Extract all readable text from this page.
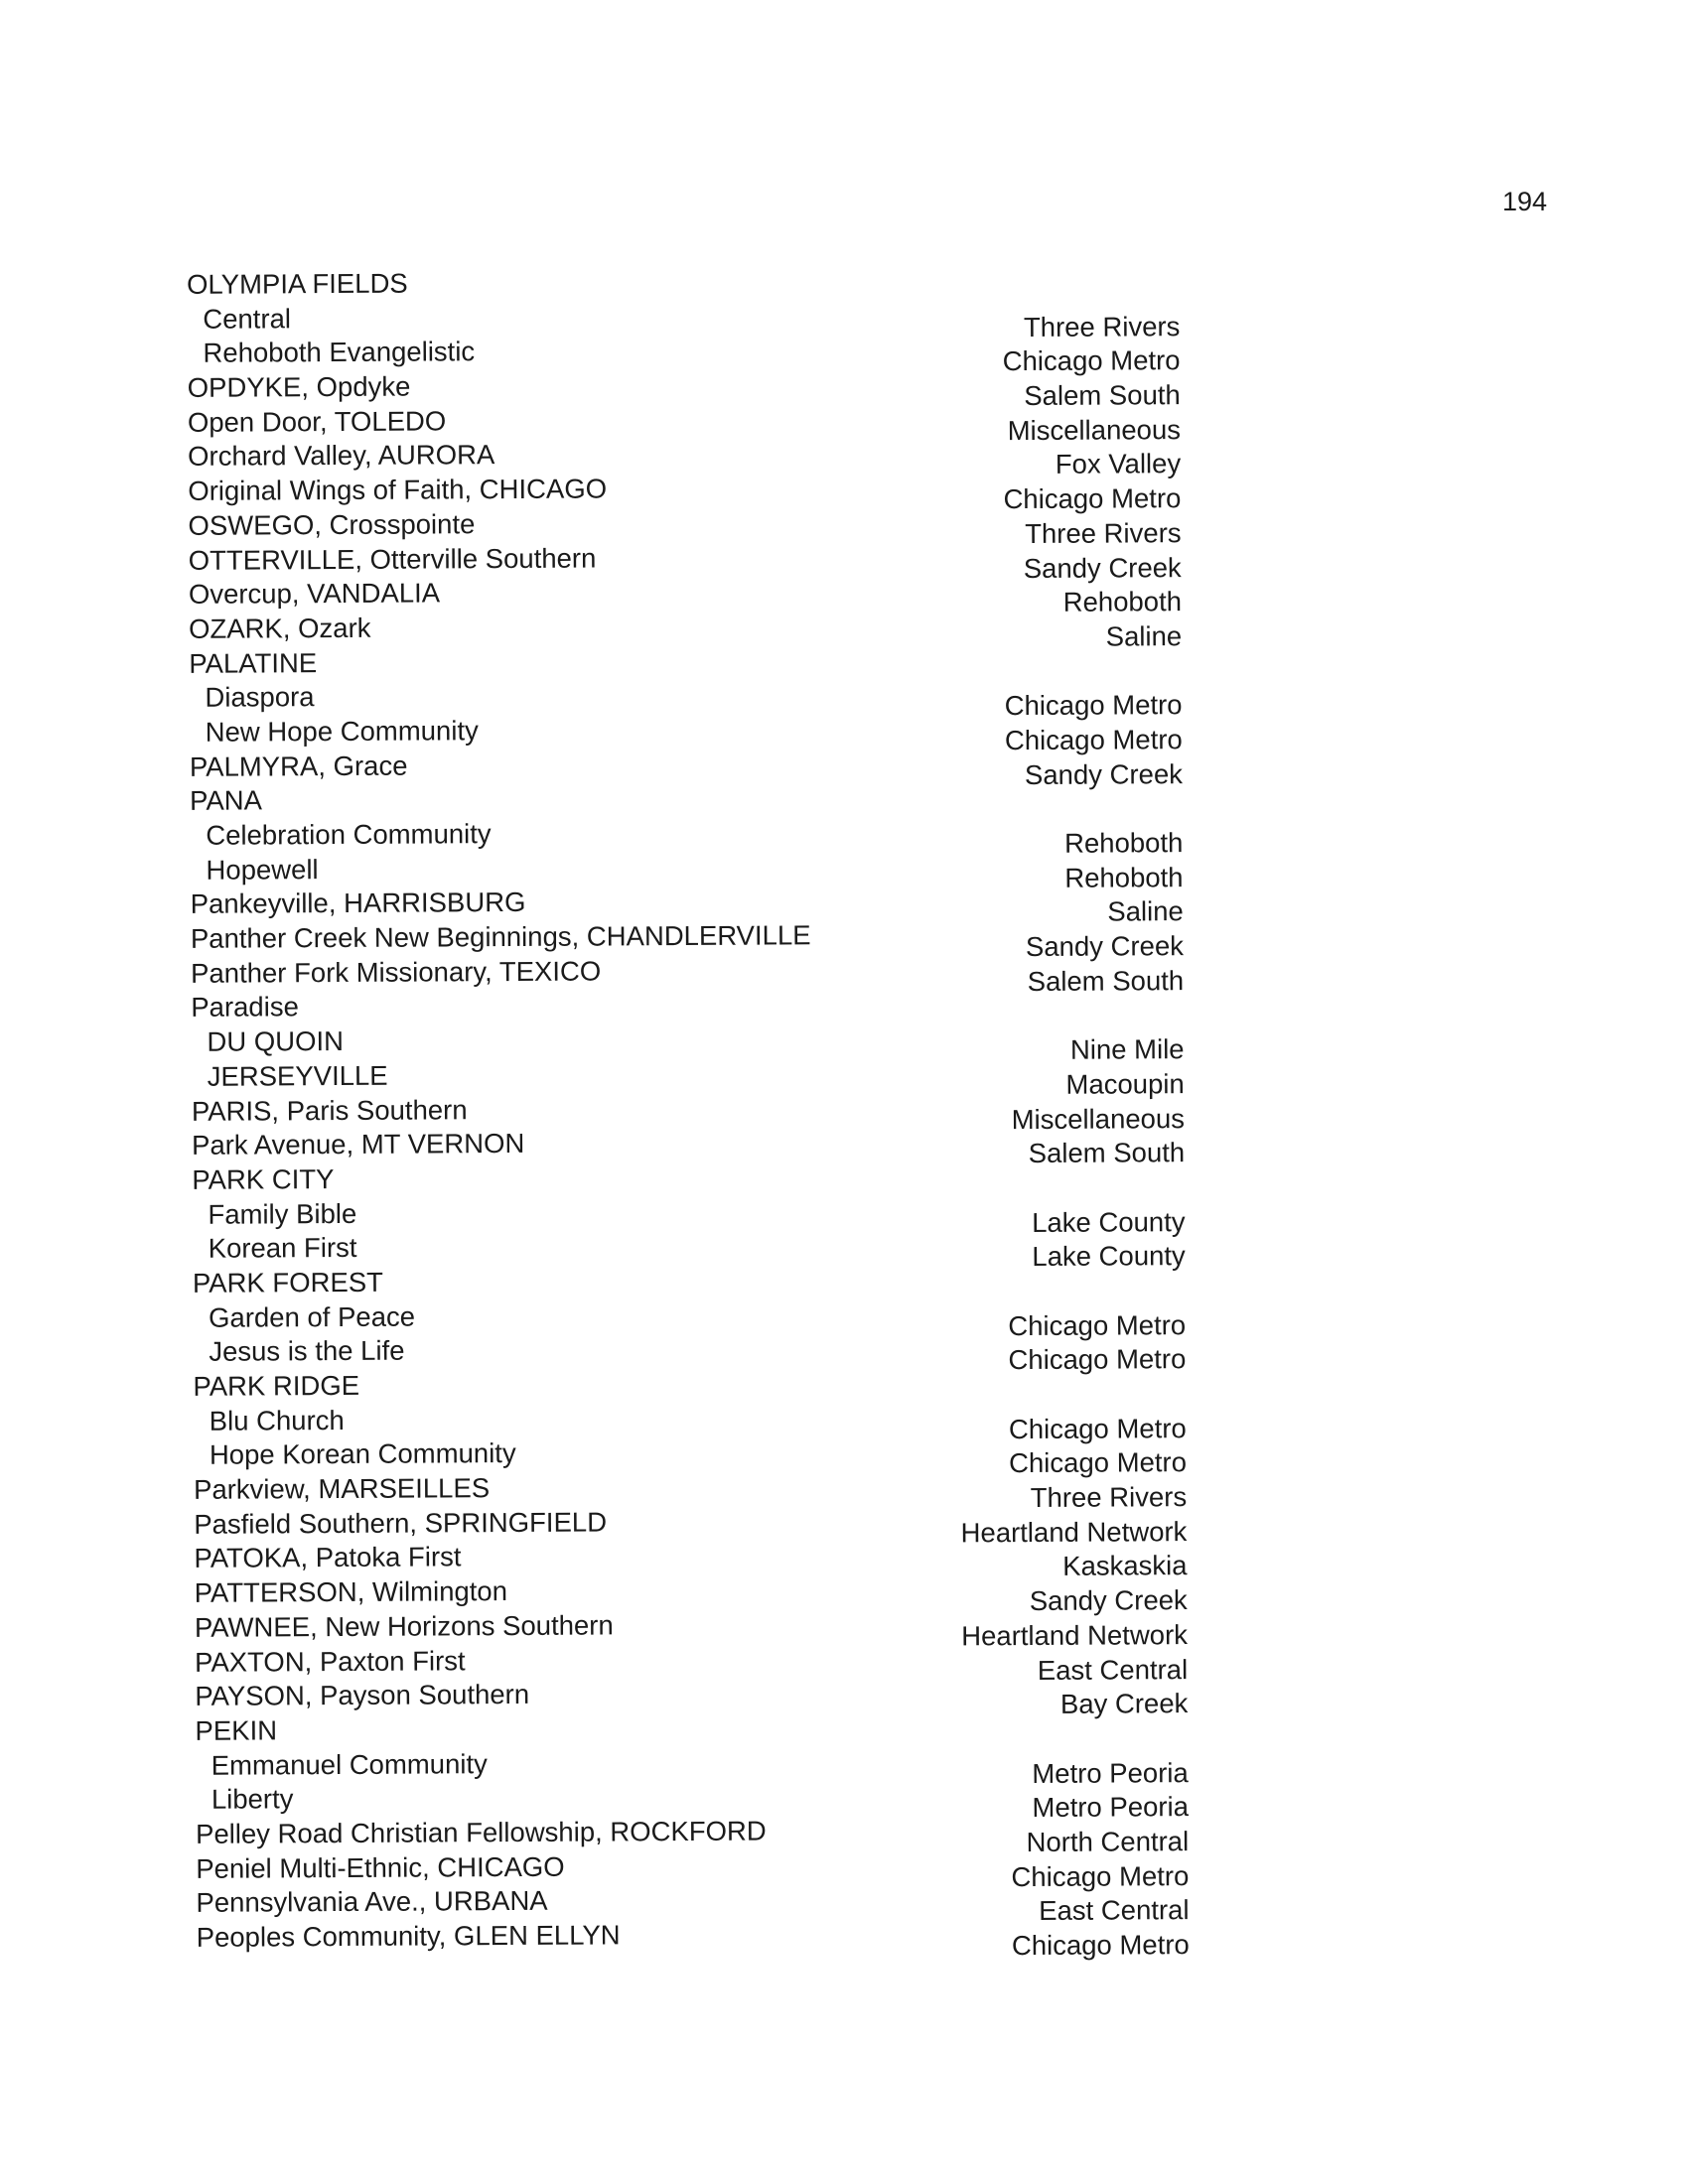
194
OLYMPIA FIELDS
Central	Three Rivers
Rehoboth Evangelistic	Chicago Metro
OPDYKE, Opdyke	Salem South
Open Door, TOLEDO	Miscellaneous
Orchard Valley, AURORA	Fox Valley
Original Wings of Faith, CHICAGO	Chicago Metro
OSWEGO, Crosspointe	Three Rivers
OTTERVILLE, Otterville Southern	Sandy Creek
Overcup, VANDALIA	Rehoboth
OZARK, Ozark	Saline
PALATINE
Diaspora	Chicago Metro
New Hope Community	Chicago Metro
PALMYRA, Grace	Sandy Creek
PANA
Celebration Community	Rehoboth
Hopewell	Rehoboth
Pankeyville, HARRISBURG	Saline
Panther Creek New Beginnings, CHANDLERVILLE	Sandy Creek
Panther Fork Missionary, TEXICO	Salem South
Paradise
DU QUOIN	Nine Mile
JERSEYVILLE	Macoupin
PARIS, Paris Southern	Miscellaneous
Park Avenue, MT VERNON	Salem South
PARK CITY
Family Bible	Lake County
Korean First	Lake County
PARK FOREST
Garden of Peace	Chicago Metro
Jesus is the Life	Chicago Metro
PARK RIDGE
Blu Church	Chicago Metro
Hope Korean Community	Chicago Metro
Parkview, MARSEILLES	Three Rivers
Pasfield Southern, SPRINGFIELD	Heartland Network
PATOKA, Patoka First	Kaskaskia
PATTERSON, Wilmington	Sandy Creek
PAWNEE, New Horizons Southern	Heartland Network
PAXTON, Paxton First	East Central
PAYSON, Payson Southern	Bay Creek
PEKIN
Emmanuel Community	Metro Peoria
Liberty	Metro Peoria
Pelley Road Christian Fellowship, ROCKFORD	North Central
Peniel Multi-Ethnic, CHICAGO	Chicago Metro
Pennsylvania Ave., URBANA	East Central
Peoples Community, GLEN ELLYN	Chicago Metro
